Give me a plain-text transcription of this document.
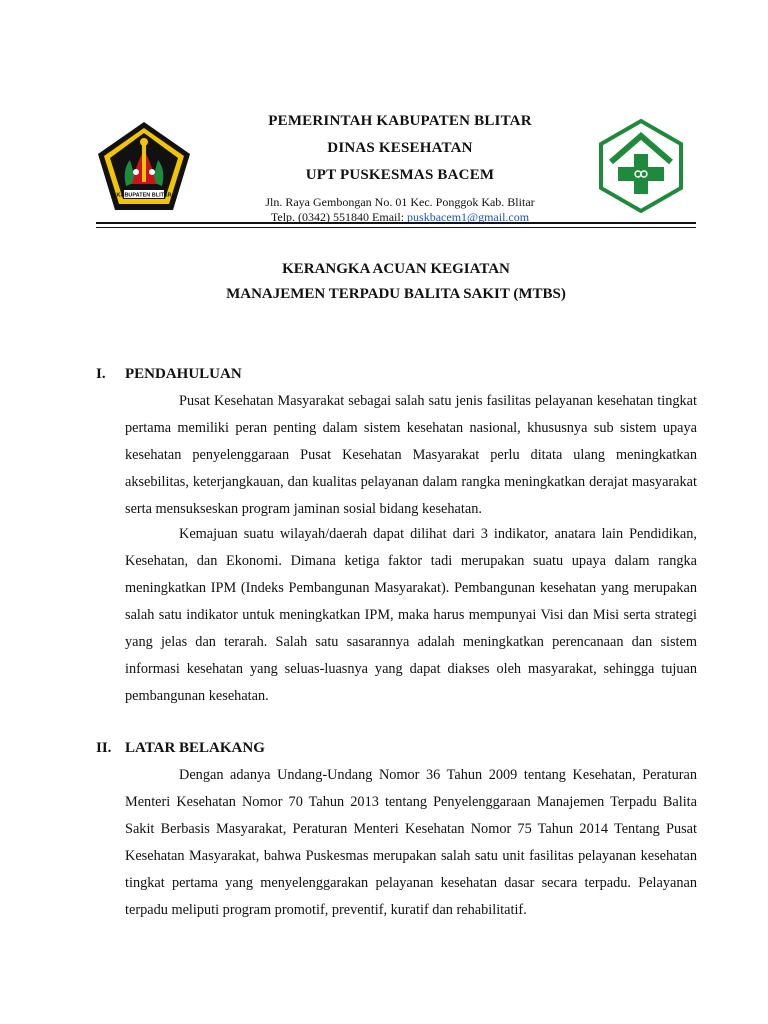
KABUPATEN BLITAR
PEMERINTAH KABUPATEN BLITAR
DINAS KESEHATAN
UPT PUSKESMAS BACEM
Jln. Raya Gembongan No. 01 Kec. Ponggok Kab. Blitar
Telp. (0342) 551840 Email: puskbacem1@gmail.com
KERANGKA ACUAN KEGIATAN
MANAJEMEN TERPADU BALITA SAKIT (MTBS)
I. PENDAHULUAN

Pusat Kesehatan Masyarakat sebagai salah satu jenis fasilitas pelayanan kesehatan tingkat pertama memiliki peran penting dalam sistem kesehatan nasional, khususnya sub sistem upaya kesehatan penyelenggaraan Pusat Kesehatan Masyarakat perlu ditata ulang meningkatkan aksebilitas, keterjangkauan, dan kualitas pelayanan dalam rangka meningkatkan derajat masyarakat serta mensukseskan program jaminan sosial bidang kesehatan.

Kemajuan suatu wilayah/daerah dapat dilihat dari 3 indikator, anatara lain Pendidikan, Kesehatan, dan Ekonomi. Dimana ketiga faktor tadi merupakan suatu upaya dalam rangka meningkatkan IPM (Indeks Pembangunan Masyarakat). Pembangunan kesehatan yang merupakan salah satu indikator untuk meningkatkan IPM, maka harus mempunyai Visi dan Misi serta strategi yang jelas dan terarah. Salah satu sasarannya adalah meningkatkan perencanaan dan sistem informasi kesehatan yang seluas-luasnya yang dapat diakses oleh masyarakat, sehingga tujuan pembangunan kesehatan.

II. LATAR BELAKANG

Dengan adanya Undang-Undang Nomor 36 Tahun 2009 tentang Kesehatan, Peraturan Menteri Kesehatan Nomor 70 Tahun 2013 tentang Penyelenggaraan Manajemen Terpadu Balita Sakit Berbasis Masyarakat, Peraturan Menteri Kesehatan Nomor 75 Tahun 2014 Tentang Pusat Kesehatan Masyarakat, bahwa Puskesmas merupakan salah satu unit fasilitas pelayanan kesehatan tingkat pertama yang menyelenggarakan pelayanan kesehatan dasar secara terpadu. Pelayanan terpadu meliputi program promotif, preventif, kuratif dan rehabilitatif.
